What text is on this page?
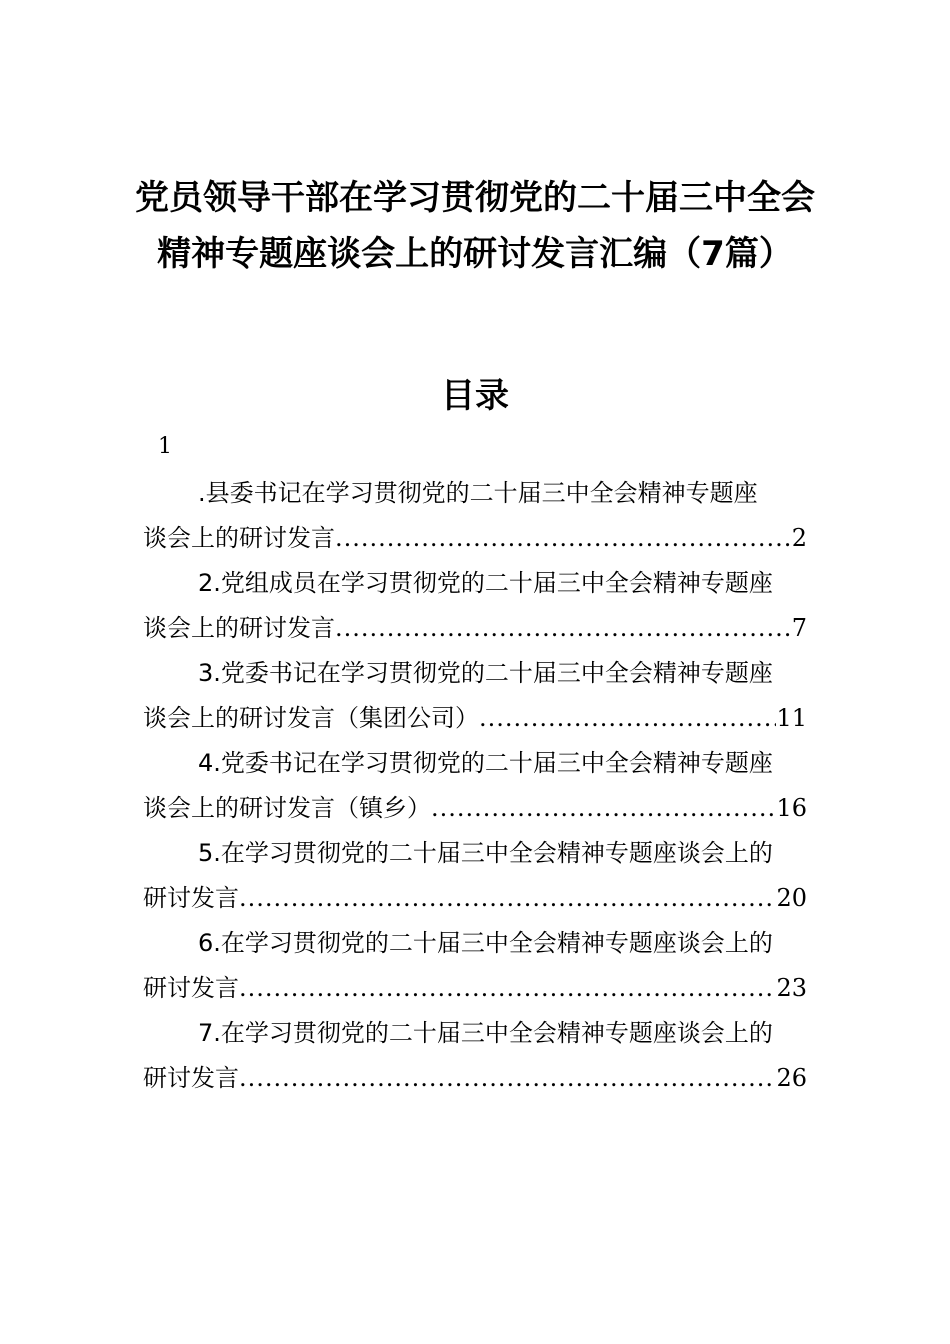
党员领导干部在学习贯彻党的二十届三中全会精神专题座谈会上的研讨发言汇编（7篇）
目录
1
.县委书记在学习贯彻党的二十届三中全会精神专题座
谈会上的研讨发言 .....	2
2.党组成员在学习贯彻党的二十届三中全会精神专题座
谈会上的研讨发言 .....	7
3.党委书记在学习贯彻党的二十届三中全会精神专题座
谈会上的研讨发言（集团公司） .....	11
4.党委书记在学习贯彻党的二十届三中全会精神专题座
谈会上的研讨发言（镇乡） .....	16
5.在学习贯彻党的二十届三中全会精神专题座谈会上的
研讨发言 .....	20
6.在学习贯彻党的二十届三中全会精神专题座谈会上的
研讨发言 .....	23
7.在学习贯彻党的二十届三中全会精神专题座谈会上的
研讨发言 .....	26
